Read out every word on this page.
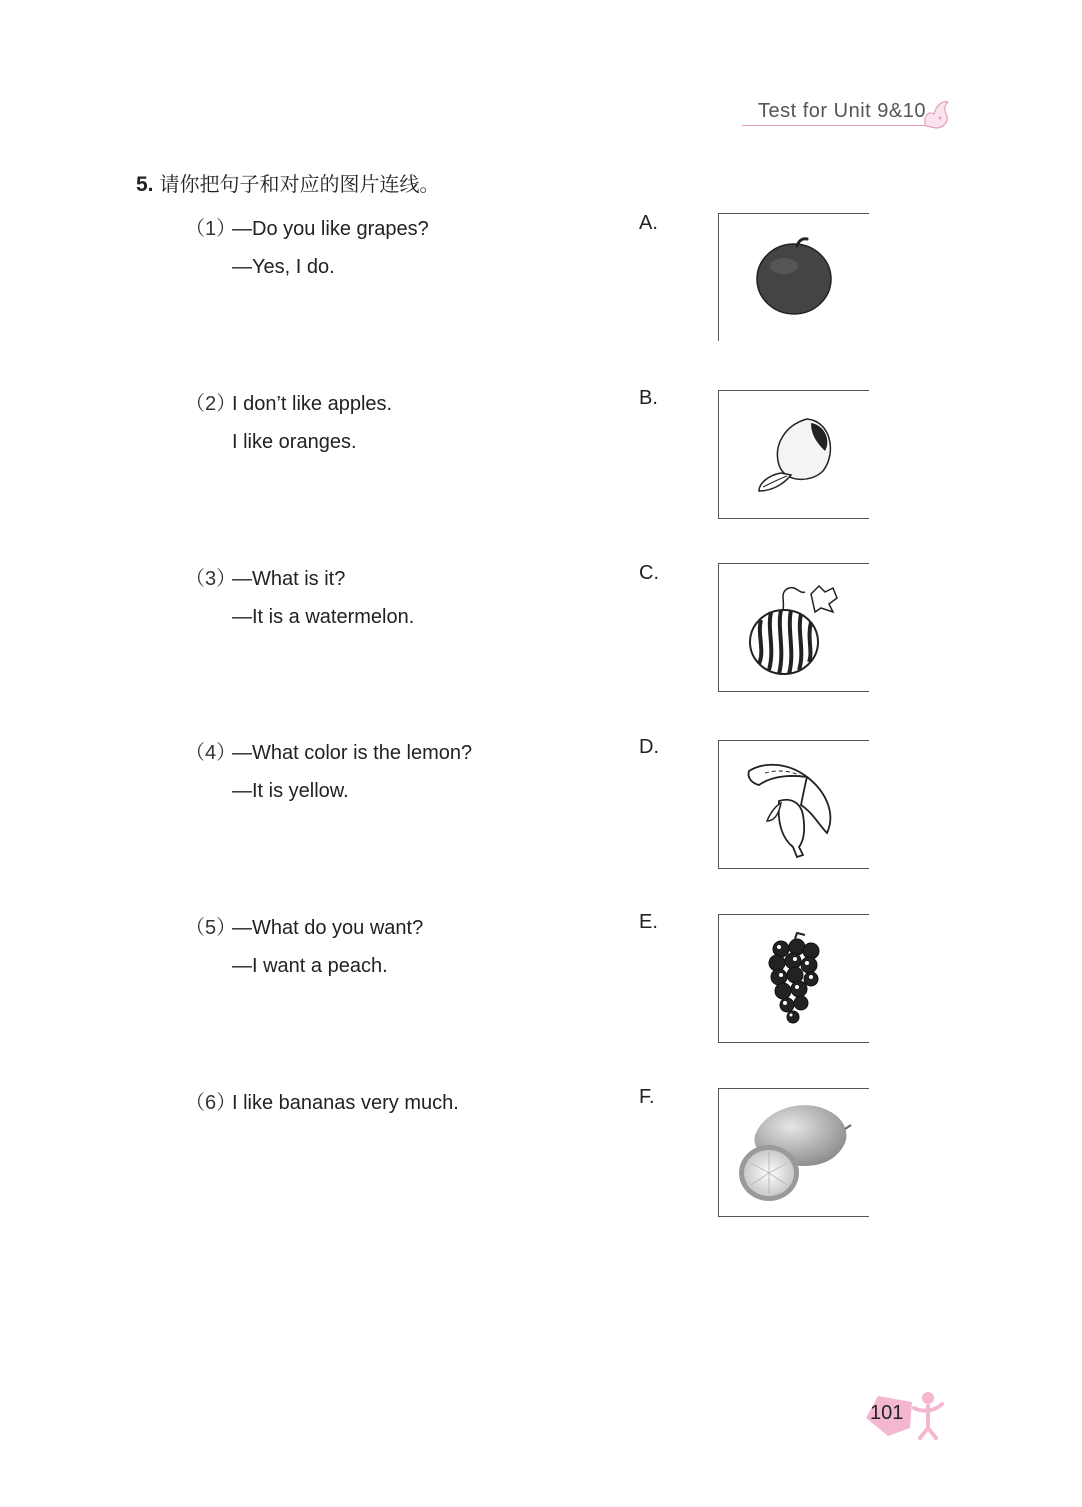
Test for Unit 9&10
5. 请你把句子和对应的图片连线。
（1）—Do you like grapes?
—Yes, I do.
（2）I don’t like apples.
I like oranges.
（3）—What is it?
—It is a watermelon.
（4）—What color is the lemon?
—It is yellow.
（5）—What do you want?
—I want a peach.
（6）I like bananas very much.
A.
B.
C.
D.
E.
F.
101
